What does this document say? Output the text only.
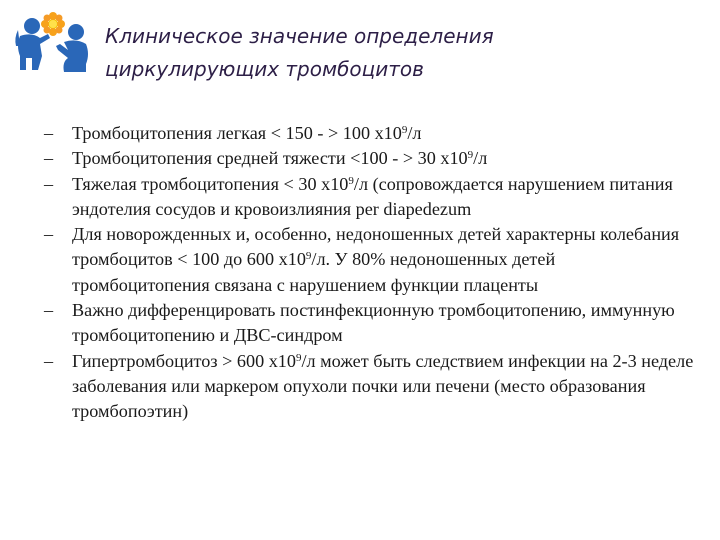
Клиническое значение определения
циркулирующих тромбоцитов
–	Тромбоцитопения легкая < 150 - > 100 $х10^9/л$
–	Тромбоцитопения средней тяжести <100 - > 30 $х10^9/л$
–	Тяжелая тромбоцитопения < 30 $х10^9/л$ (сопровождается нарушением питания эндотелия сосудов и кровоизлияния per diapedezum
–	Для новорожденных и, особенно, недоношенных детей характерны колебания тромбоцитов < 100 до 600 $х10^9/л$. У 80% недоношенных детей тромбоцитопения связана с нарушением функции плаценты
–	Важно дифференцировать постинфекционную тромбоцитопению, иммунную тромбоцитопению и ДВС-синдром
–	Гипертромбоцитоз > 600 $х10^9/л$ может быть следствием инфекции на 2-3 неделе заболевания или маркером опухоли почки или печени (место образования тромбопоэтин)
